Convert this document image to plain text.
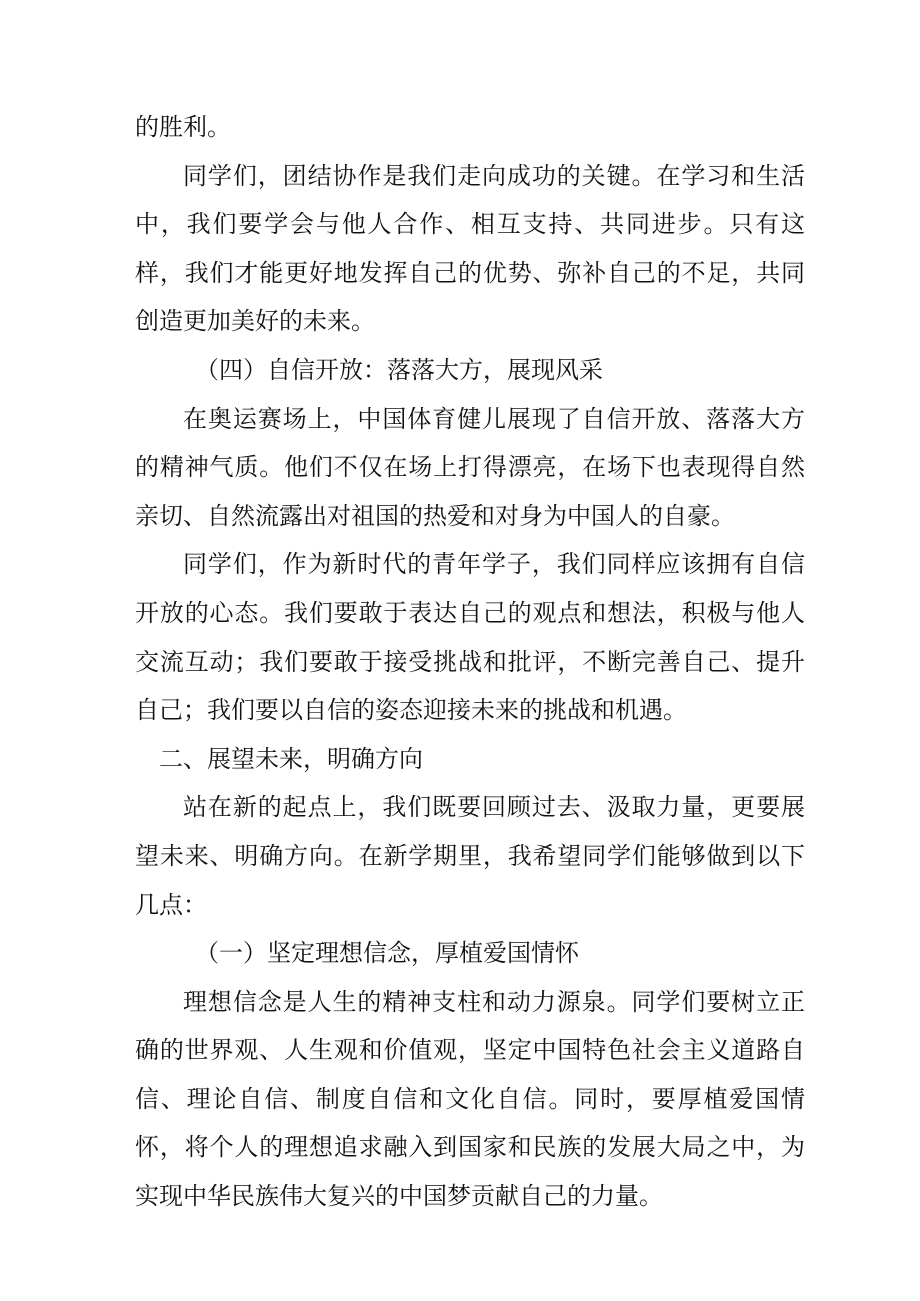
的胜利。

同学们，团结协作是我们走向成功的关键。在学习和生活中，我们要学会与他人合作、相互支持、共同进步。只有这样，我们才能更好地发挥自己的优势、弥补自己的不足，共同创造更加美好的未来。

（四）自信开放：落落大方，展现风采

在奥运赛场上，中国体育健儿展现了自信开放、落落大方的精神气质。他们不仅在场上打得漂亮，在场下也表现得自然亲切、自然流露出对祖国的热爱和对身为中国人的自豪。

同学们，作为新时代的青年学子，我们同样应该拥有自信开放的心态。我们要敢于表达自己的观点和想法，积极与他人交流互动；我们要敢于接受挑战和批评，不断完善自己、提升自己；我们要以自信的姿态迎接未来的挑战和机遇。

二、展望未来，明确方向

站在新的起点上，我们既要回顾过去、汲取力量，更要展望未来、明确方向。在新学期里，我希望同学们能够做到以下几点：

（一）坚定理想信念，厚植爱国情怀

理想信念是人生的精神支柱和动力源泉。同学们要树立正确的世界观、人生观和价值观，坚定中国特色社会主义道路自信、理论自信、制度自信和文化自信。同时，要厚植爱国情怀，将个人的理想追求融入到国家和民族的发展大局之中，为实现中华民族伟大复兴的中国梦贡献自己的力量。
